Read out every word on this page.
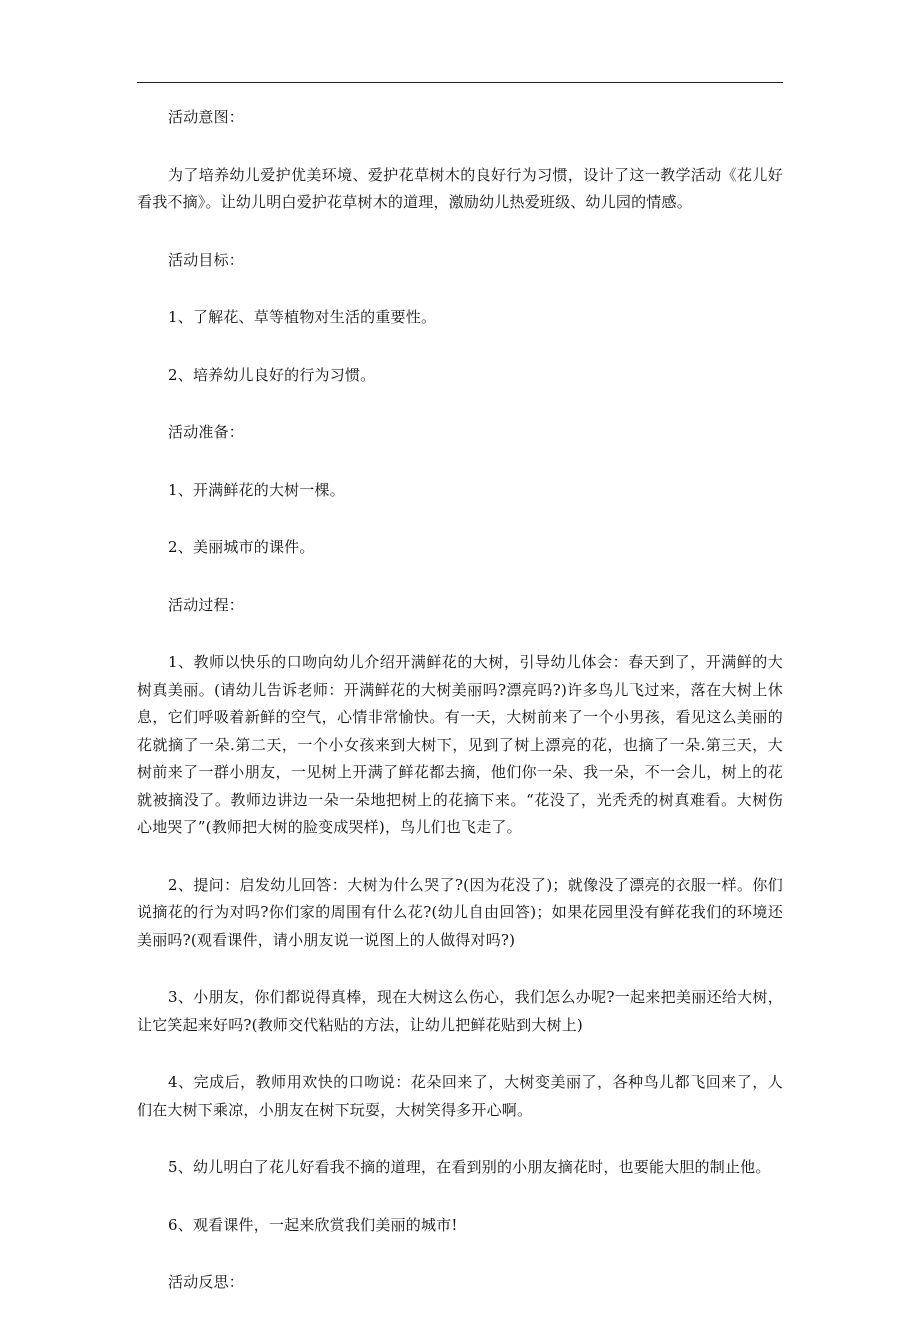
活动意图：

为了培养幼儿爱护优美环境、爱护花草树木的良好行为习惯，设计了这一教学活动《花儿好看我不摘》。让幼儿明白爱护花草树木的道理，激励幼儿热爱班级、幼儿园的情感。

活动目标：

1、了解花、草等植物对生活的重要性。

2、培养幼儿良好的行为习惯。

活动准备：

1、开满鲜花的大树一棵。

2、美丽城市的课件。

活动过程：

1、教师以快乐的口吻向幼儿介绍开满鲜花的大树，引导幼儿体会：春天到了，开满鲜的大树真美丽。(请幼儿告诉老师：开满鲜花的大树美丽吗?漂亮吗?)许多鸟儿飞过来，落在大树上休息，它们呼吸着新鲜的空气，心情非常愉快。有一天，大树前来了一个小男孩，看见这么美丽的花就摘了一朵.第二天，一个小女孩来到大树下，见到了树上漂亮的花，也摘了一朵.第三天，大树前来了一群小朋友，一见树上开满了鲜花都去摘，他们你一朵、我一朵，不一会儿，树上的花就被摘没了。教师边讲边一朵一朵地把树上的花摘下来。“花没了，光秃秃的树真难看。大树伤心地哭了”(教师把大树的脸变成哭样)，鸟儿们也飞走了。

2、提问：启发幼儿回答：大树为什么哭了?(因为花没了)；就像没了漂亮的衣服一样。你们说摘花的行为对吗?你们家的周围有什么花?(幼儿自由回答)；如果花园里没有鲜花我们的环境还美丽吗?(观看课件，请小朋友说一说图上的人做得对吗?)

3、小朋友，你们都说得真棒，现在大树这么伤心，我们怎么办呢?一起来把美丽还给大树，让它笑起来好吗?(教师交代粘贴的方法，让幼儿把鲜花贴到大树上)

4、完成后，教师用欢快的口吻说：花朵回来了，大树变美丽了，各种鸟儿都飞回来了，人们在大树下乘凉，小朋友在树下玩耍，大树笑得多开心啊。

5、幼儿明白了花儿好看我不摘的道理，在看到别的小朋友摘花时，也要能大胆的制止他。

6、观看课件，一起来欣赏我们美丽的城市!

活动反思：
